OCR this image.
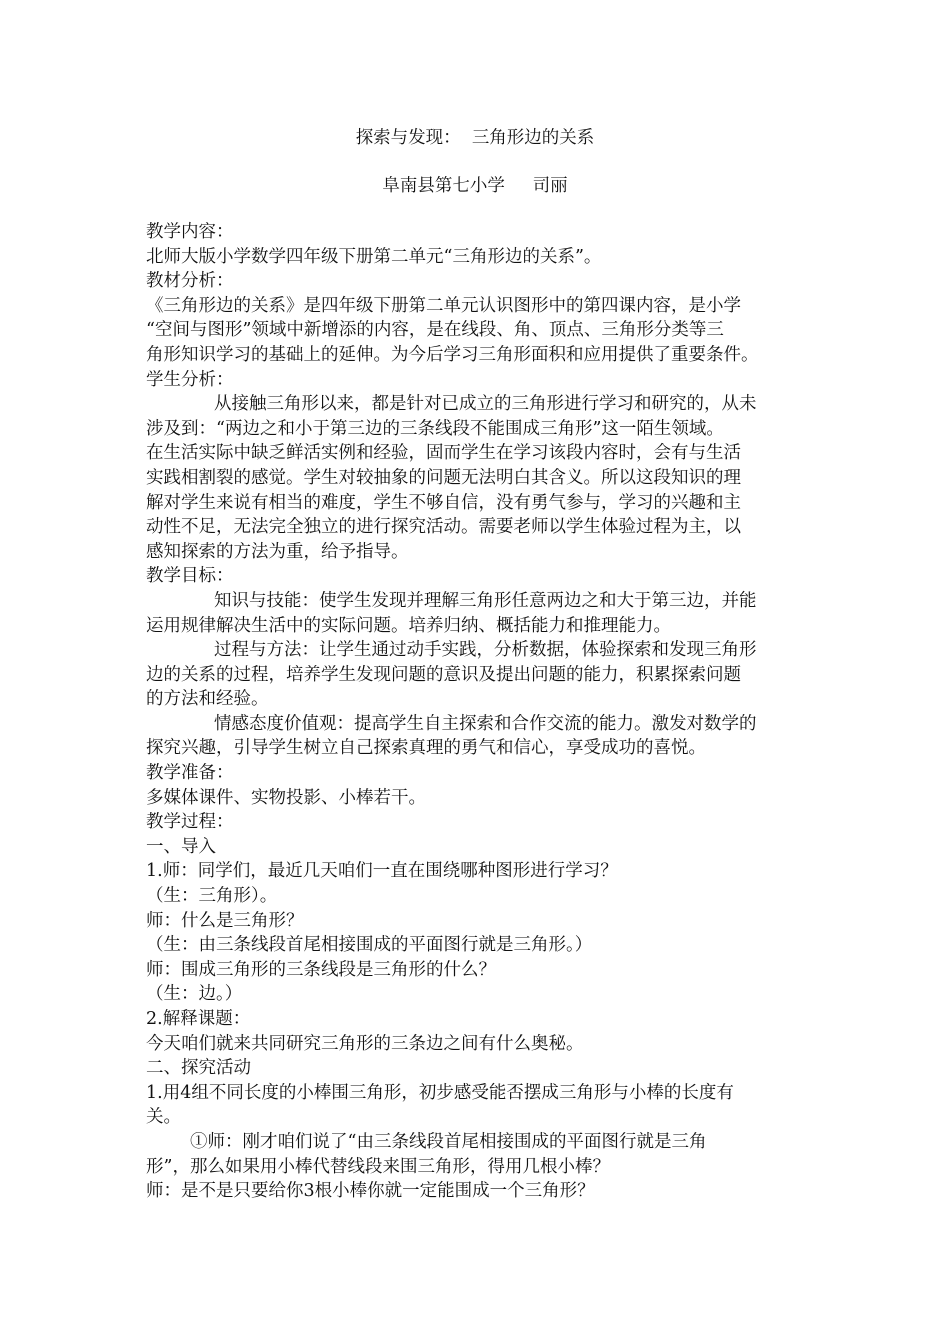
探索与发现：  三角形边的关系
阜南县第七小学     司丽
教学内容：
北师大版小学数学四年级下册第二单元“三角形边的关系”。
教材分析：
《三角形边的关系》是四年级下册第二单元认识图形中的第四课内容，是小学
“空间与图形”领域中新增添的内容，是在线段、角、顶点、三角形分类等三
角形知识学习的基础上的延伸。为今后学习三角形面积和应用提供了重要条件。
学生分析：
从接触三角形以来，都是针对已成立的三角形进行学习和研究的，从未
涉及到：“两边之和小于第三边的三条线段不能围成三角形”这一陌生领域。
在生活实际中缺乏鲜活实例和经验，固而学生在学习该段内容时，会有与生活
实践相割裂的感觉。学生对较抽象的问题无法明白其含义。所以这段知识的理
解对学生来说有相当的难度，学生不够自信，没有勇气参与，学习的兴趣和主
动性不足，无法完全独立的进行探究活动。需要老师以学生体验过程为主，以
感知探索的方法为重，给予指导。
教学目标：
知识与技能：使学生发现并理解三角形任意两边之和大于第三边，并能
运用规律解决生活中的实际问题。培养归纳、概括能力和推理能力。
过程与方法：让学生通过动手实践，分析数据，体验探索和发现三角形
边的关系的过程，培养学生发现问题的意识及提出问题的能力，积累探索问题
的方法和经验。
情感态度价值观：提高学生自主探索和合作交流的能力。激发对数学的
探究兴趣，引导学生树立自己探索真理的勇气和信心，享受成功的喜悦。
教学准备：
多媒体课件、实物投影、小棒若干。
教学过程：
一、导入
1.师：同学们，最近几天咱们一直在围绕哪种图形进行学习？
（生：三角形）。
师：什么是三角形？
（生：由三条线段首尾相接围成的平面图行就是三角形。）
师：围成三角形的三条线段是三角形的什么？
（生：边。）
2.解释课题：
今天咱们就来共同研究三角形的三条边之间有什么奥秘。
二、探究活动
1.用4组不同长度的小棒围三角形，初步感受能否摆成三角形与小棒的长度有
关。
①师：刚才咱们说了“由三条线段首尾相接围成的平面图行就是三角
形”，那么如果用小棒代替线段来围三角形，得用几根小棒？
师：是不是只要给你3根小棒你就一定能围成一个三角形？
